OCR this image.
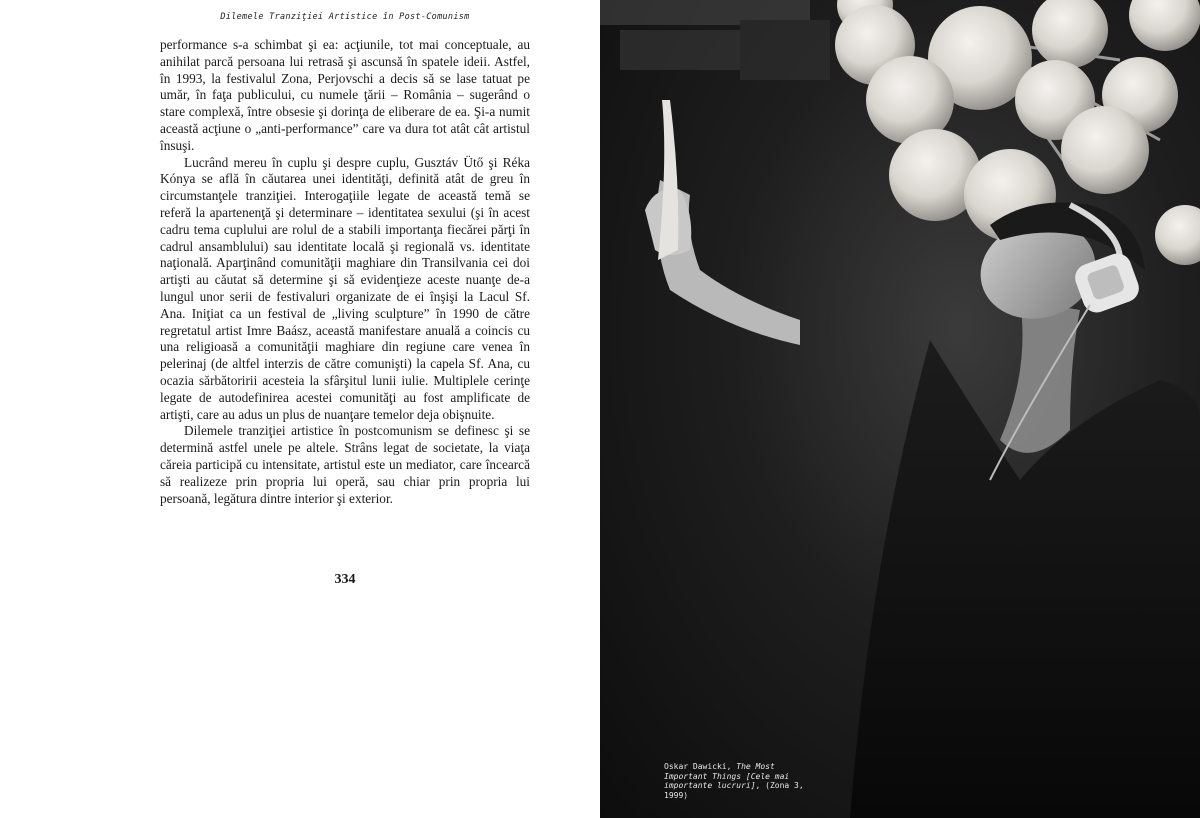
Dilemele Tranziţiei Artistice în Post-Comunism

performance s-a schimbat şi ea: acţiunile, tot mai conceptuale, au anihilat parcă persoana lui retrasă şi ascunsă în spatele ideii. Astfel, în 1993, la festivalul Zona, Perjovschi a decis să se lase tatuat pe umăr, în faţa publicului, cu numele ţării – România – sugerând o stare complexă, între obsesie şi dorinţa de eliberare de ea. Şi-a numit această acţiune o „anti-performance” care va dura tot atât cât artistul însuşi.

Lucrând mereu în cuplu şi despre cuplu, Gusztáv Ütő şi Réka Kónya se află în căutarea unei identităţi, definită atât de greu în circumstanţele tranziţiei. Interogaţiile legate de această temă se referă la apartenenţă şi determinare – identitatea sexului (şi în acest cadru tema cuplului are rolul de a stabili importanţa fiecărei părţi în cadrul ansamblului) sau identitate locală şi regională vs. identitate naţională. Aparţinând comunităţii maghiare din Transilvania cei doi artişti au căutat să determine şi să evidenţieze aceste nuanţe de-a lungul unor serii de festivaluri organizate de ei înşişi la Lacul Sf. Ana. Iniţiat ca un festival de „living sculpture” în 1990 de către regretatul artist Imre Baász, această manifestare anuală a coincis cu una religioasă a comunităţii maghiare din regiune care venea în pelerinaj (de altfel interzis de către comunişti) la capela Sf. Ana, cu ocazia sărbătoririi acesteia la sfârşitul lunii iulie. Multiplele cerinţe legate de autodefinirea acestei comunităţi au fost amplificate de artişti, care au adus un plus de nuanţare temelor deja obişnuite.

Dilemele tranziţiei artistice în postcomunism se definesc şi se determină astfel unele pe altele. Strâns legat de societate, la viaţa căreia participă cu intensitate, artistul este un mediator, care încearcă să realizeze prin propria lui operă, sau chiar prin propria lui persoană, legătura dintre interior şi exterior.

334
Oskar Dawicki, The Most Important Things [Cele mai importante lucruri], (Zona 3, 1999)
